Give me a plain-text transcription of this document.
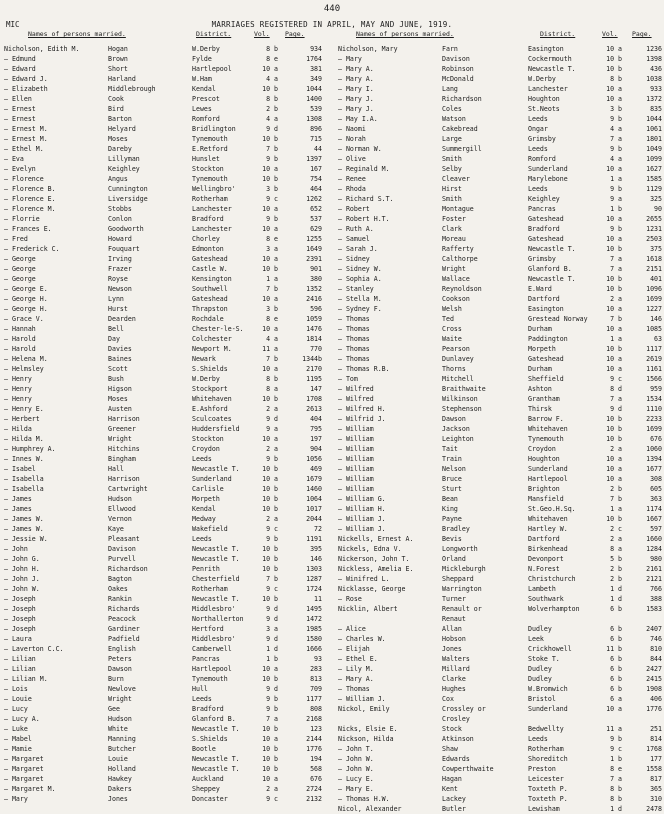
440
MIC	MARRIAGES REGISTERED IN APRIL, MAY AND JUNE, 1919.
Names of persons married.	District.	Vol. Page.	Names of persons married.	District.	Vol. Page.
Nicholson, Edith M.	Hogan	W.Derby	8 b	934
— Edmund	Brown	Fylde	8 e	1764
— Edward	Short	Hartlepool	10 a	381
— Edward J.	Harland	W.Ham	4 a	349
— Elizabeth	Middlebrough	Kendal	10 b	1044
— Ellen	Cook	Prescot	8 b	1400
— Ernest	Bird	Lewes	2 b	539
— Ernest	Barton	Romford	4 a	1308
— Ernest M.	Helyard	Bridlington	9 d	896
— Ernest M.	Moses	Tynemouth	10 b	715
— Ethel M.	Dareby	E.Retford	7 b	44
— Eva	Lillyman	Hunslet	9 b	1397
— Evelyn	Keighley	Stockton	10 a	167
— Florence	Angus	Tynemouth	10 b	754
— Florence B.	Cunnington	Wellingbro'	3 b	464
— Florence E.	Liversidge	Rotherham	9 c	1262
— Florence M.	Stobbs	Lanchester	10 a	652
— Florrie	Conlon	Bradford	9 b	537
— Frances E.	Goodworth	Lanchester	10 a	629
— Fred	Howard	Chorley	8 e	1255
— Frederick C.	Fouquart	Edmonton	3 a	1649
— George	Irving	Gateshead	10 a	2391
— George	Frazer	Castle W.	10 b	901
— George	Royse	Kensington	1 a	380
— George E.	Newson	Southwell	7 b	1352
— George H.	Lynn	Gateshead	10 a	2416
— George H.	Hurst	Thrapston	3 b	596
— Grace V.	Dearden	Rochdale	8 e	1059
— Hannah	Bell	Chester-le-S.	10 a	1476
— Harold	Day	Colchester	4 a	1814
— Harold	Davies	Newport M.	11 a	770
— Helena M.	Baines	Newark	7 b	1344b
— Helmsley	Scott	S.Shields	10 a	2170
— Henry	Bush	W.Derby	8 b	1195
— Henry	Higson	Stockport	8 a	147
— Henry	Moses	Whitehaven	10 b	1708
— Henry E.	Austen	E.Ashford	2 a	2613
— Herbert	Harrison	Sculcoates	9 d	404
— Hilda	Greener	Huddersfield	9 a	795
— Hilda M.	Wright	Stockton	10 a	197
— Humphrey A.	Hitchins	Croydon	2 a	904
— Innes W.	Bingham	Leeds	9 b	1056
— Isabel	Hall	Newcastle T.	10 b	469
— Isabella	Harrison	Sunderland	10 a	1679
— Isabella	Cartwright	Carlisle	10 b	1460
— James	Hudson	Morpeth	10 b	1064
— James	Ellwood	Kendal	10 b	1017
— James W.	Vernon	Medway	2 a	2044
— James W.	Kaye	Wakefield	9 c	72
— Jessie W.	Pleasant	Leeds	9 b	1191
— John	Davison	Newcastle T.	10 b	395
— John G.	Purvell	Newcastle T.	10 b	146
— John H.	Richardson	Penrith	10 b	1303
— John J.	Bagton	Chesterfield	7 b	1287
— John W.	Oakes	Rotherham	9 c	1724
— Joseph	Rankin	Newcastle T.	10 b	11
— Joseph	Richards	Middlesbro'	9 d	1495
— Joseph	Peacock	Northallerton	9 d	1472
— Joseph	Gardiner	Hertford	3 a	1985
— Laura	Padfield	Middlesbro'	9 d	1580
— Laverton C.C.	English	Camberwell	1 d	1666
— Lilian	Peters	Pancras	1 b	93
— Lilian	Dawson	Hartlepool	10 a	283
— Lilian M.	Burn	Tynemouth	10 b	813
— Lois	Newlove	Hull	9 d	709
— Louie	Wright	Leeds	9 b	1177
— Lucy	Gee	Bradford	9 b	808
— Lucy A.	Hudson	Glanford B.	7 a	2168
— Luke	White	Newcastle T.	10 b	123
— Mabel	Manning	S.Shields	10 a	2144
— Mamie	Butcher	Bootle	10 b	1776
— Margaret	Louie	Newcastle T.	10 b	194
— Margaret	Holland	Newcastle T.	10 b	568
— Margaret	Hawkey	Auckland	10 a	676
— Margaret M.	Dakers	Sheppey	2 a	2724
— Mary	Jones	Doncaster	9 c	2132
Nicholson, Mary	Farn	Easington	10 a	1236
— Mary	Davison	Cockermouth	10 b	1398
— Mary A.	Robinson	Newcastle T.	10 b	436
— Mary A.	McDonald	W.Derby	8 b	1038
— Mary I.	Lang	Lanchester	10 a	933
— Mary J.	Richardson	Houghton	10 a	1372
— Mary J.	Coles	St.Neots	3 b	835
— May I.A.	Watson	Leeds	9 b	1044
— Naomi	Cakebread	Ongar	4 a	1061
— Norah	Large	Grimsby	7 a	1801
— Norman W.	Summergill	Leeds	9 b	1049
— Olive	Smith	Romford	4 a	1099
— Reginald M.	Selby	Sunderland	10 a	1627
— Renee	Cleaver	Marylebone	1 a	1585
— Rhoda	Hirst	Leeds	9 b	1129
— Richard S.T.	Smith	Keighley	9 a	325
— Robert	Montague	Pancras	1 b	90
— Robert H.T.	Foster	Gateshead	10 a	2655
— Ruth A.	Clark	Bradford	9 b	1231
— Samuel	Moreau	Gateshead	10 a	2503
— Sarah J.	Rafferty	Newcastle T.	10 b	375
— Sidney	Calthorpe	Grimsby	7 a	1618
— Sidney W.	Wright	Glanford B.	7 a	2151
— Sophia A.	Wallace	Newcastle T.	10 b	401
— Stanley	Reynoldson	E.Ward	10 b	1096
— Stella M.	Cookson	Dartford	2 a	1699
— Sydney F.	Welsh	Easington	10 a	1227
— Thomas	Ted	Grestead Norway	7 b	146
— Thomas	Cross	Durham	10 a	1085
— Thomas	Waite	Paddington	1 a	63
— Thomas	Pearson	Morpeth	10 b	1117
— Thomas	Dunlavey	Gateshead	10 a	2619
— Thomas R.B.	Thorns	Durham	10 a	1161
— Tom	Mitchell	Sheffield	9 c	1566
— Wilfred	Braithwaite	Ashton	8 d	959
— Wilfred	Wilkinson	Grantham	7 a	1534
— Wilfred H.	Stephenson	Thirsk	9 d	1110
— Wilfrid J.	Dawson	Barrow F.	10 b	2233
— William	Jackson	Whitehaven	10 b	1699
— William	Leighton	Tynemouth	10 b	676
— William	Tait	Croydon	2 a	1060
— William	Train	Houghton	10 a	1394
— William	Nelson	Sunderland	10 a	1677
— William	Bruce	Hartlepool	10 a	308
— William	Sturt	Brighton	2 b	605
— William G.	Bean	Mansfield	7 b	363
— William H.	King	St.Geo.H.Sq.	1 a	1174
— William J.	Payne	Whitehaven	10 b	1667
— William J.	Bradley	Hartley W.	2 c	597
Nickells, Ernest A.	Bevis	Dartford	2 a	1660
Nickels, Edna V.	Longworth	Birkenhead	8 a	1284
Nickerson, John T.	Orland	Devonport	5 b	980
Nickless, Amelia E.	Mickleburgh	N.Forest	2 b	2161
— Winifred L.	Sheppard	Christchurch	2 b	2121
Nicklasse, George	Warrington	Lambeth	1 d	766
— Rose	Turner	Southwark	1 d	388
Nicklin, Albert	Renault or	Wolverhampton	6 b	1583
Renaut
— Alice	Allan	Dudley	6 b	2407
— Charles W.	Hobson	Leek	6 b	746
— Elijah	Jones	Crickhowell	11 b	810
— Ethel E.	Walters	Stoke T.	6 b	844
— Lily M.	Millard	Dudley	6 b	2427
— Mary A.	Clarke	Dudley	6 b	2415
— Thomas	Hughes	W.Bromwich	6 b	1908
— William J.	Cox	Bristol	6 a	406
Nickol, Emily	Crossley or	Sunderland	10 a	1776
Crosley
Nicks, Elsie E.	Stock	Bedwellty	11 a	251
Nickson, Hilda	Atkinson	Leeds	9 b	814
— John T.	Shaw	Rotherham	9 c	1768
— John W.	Edwards	Shoreditch	1 b	177
— John W.	Cowperthwaite	Preston	8 e	1558
— Lucy E.	Hagan	Leicester	7 a	817
— Mary E.	Kent	Toxteth P.	8 b	365
— Thomas H.W.	Lackey	Toxteth P.	8 b	310
Nicol, Alexander	Butler	Lewisham	1 d	2478
